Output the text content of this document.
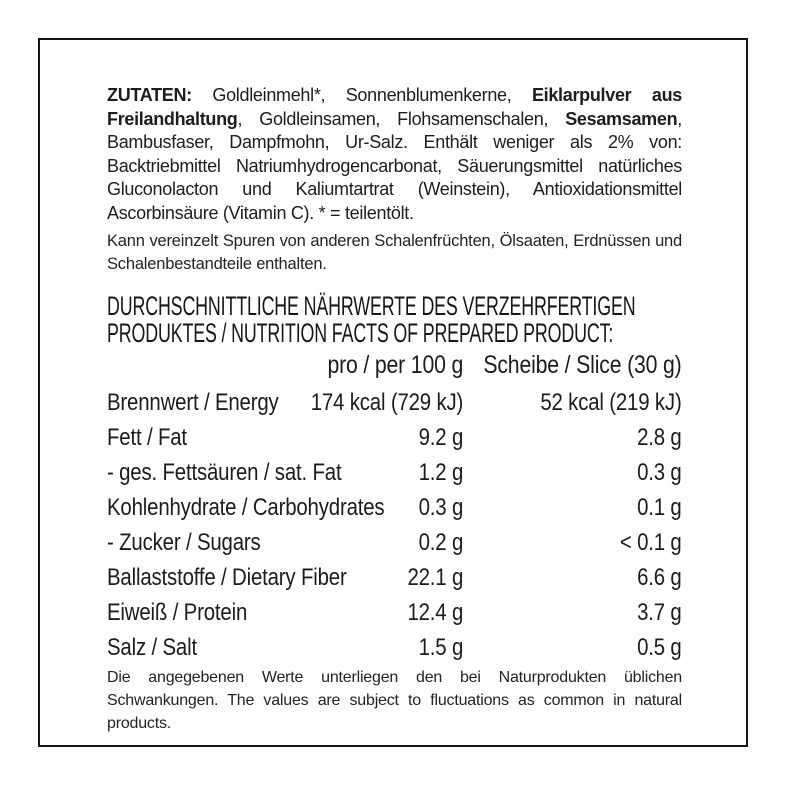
ZUTATEN: Goldleinmehl*, Sonnenblumenkerne, Eiklarpulver aus Freilandhaltung, Goldleinsamen, Flohsamenschalen, Sesamsamen, Bambusfaser, Dampfmohn, Ur-Salz. Enthält weniger als 2% von: Backtriebmittel Natriumhydrogencarbonat, Säuerungsmittel natürliches Gluconolacton und Kaliumtartrat (Weinstein), Antioxidationsmittel Ascorbinsäure (Vitamin C). * = teilentölt.

Kann vereinzelt Spuren von anderen Schalenfrüchten, Ölsaaten, Erdnüssen und Schalenbestandteile enthalten.

DURCHSCHNITTLICHE NÄHRWERTE DES VERZEHRFERTIGEN
PRODUKTES / NUTRITION FACTS OF PREPARED PRODUCT:
pro / per 100 g Scheibe / Slice (30 g)
Brennwert / Energy	174 kcal (729 kJ)	52 kcal (219 kJ)
Fett / Fat	9.2 g	2.8 g
- ges. Fettsäuren / sat. Fat	1.2 g	0.3 g
Kohlenhydrate / Carbohydrates	0.3 g	0.1 g
- Zucker / Sugars	0.2 g	< 0.1 g
Ballaststoffe / Dietary Fiber	22.1 g	6.6 g
Eiweiß / Protein	12.4 g	3.7 g
Salz / Salt	1.5 g	0.5 g

Die angegebenen Werte unterliegen den bei Naturprodukten üblichen Schwankungen. The values are subject to fluctuations as common in natural products.
